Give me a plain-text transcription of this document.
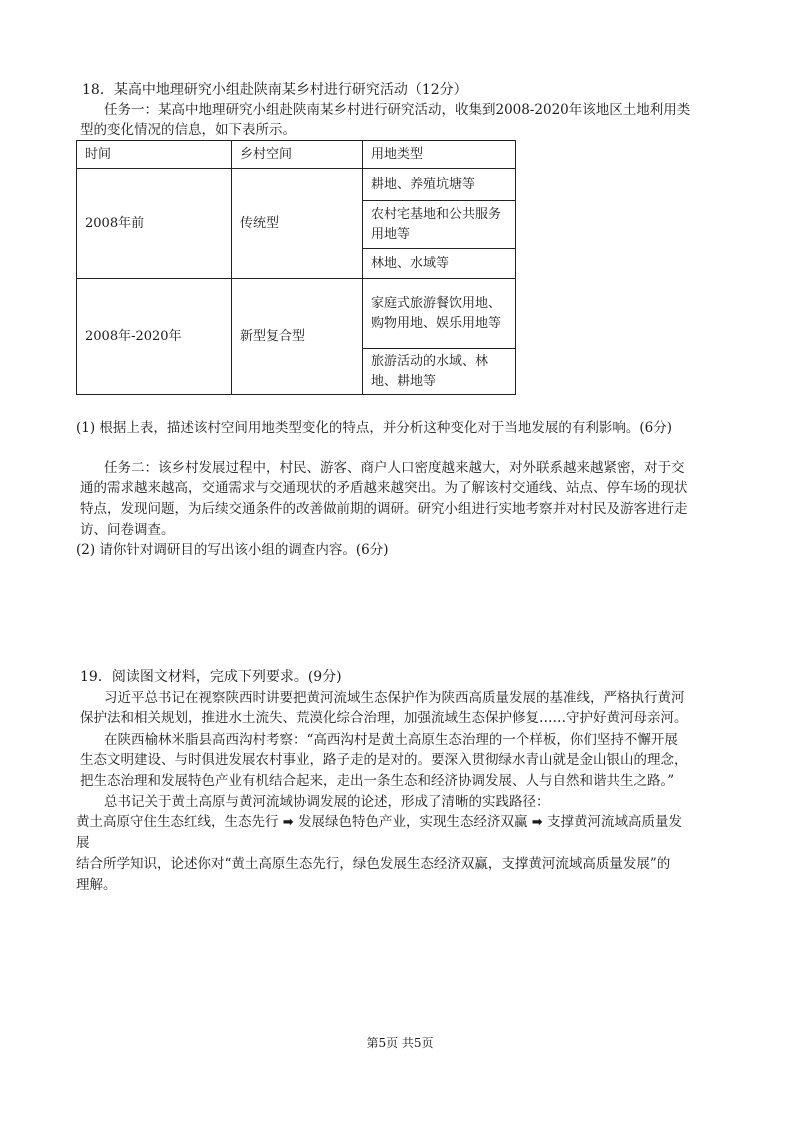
18．某高中地理研究小组赴陕南某乡村进行研究活动（12分）
任务一：某高中地理研究小组赴陕南某乡村进行研究活动，收集到2008-2020年该地区土地利用类
型的变化情况的信息，如下表所示。
时间	乡村空间	用地类型
2008年前	传统型	耕地、养殖坑塘等
		农村宅基地和公共服务用地等
		林地、水域等
2008年-2020年	新型复合型	家庭式旅游餐饮用地、购物用地、娱乐用地等
		旅游活动的水域、林地、耕地等
(1) 根据上表，描述该村空间用地类型变化的特点，并分析这种变化对于当地发展的有利影响。(6分)
任务二：该乡村发展过程中，村民、游客、商户人口密度越来越大，对外联系越来越紧密，对于交
通的需求越来越高，交通需求与交通现状的矛盾越来越突出。为了解该村交通线、站点、停车场的现状
特点，发现问题，为后续交通条件的改善做前期的调研。研究小组进行实地考察并对村民及游客进行走
访、问卷调查。
(2) 请你针对调研目的写出该小组的调查内容。(6分)
19．阅读图文材料，完成下列要求。(9分)
习近平总书记在视察陕西时讲要把黄河流域生态保护作为陕西高质量发展的基准线，严格执行黄河
保护法和相关规划，推进水土流失、荒漠化综合治理，加强流域生态保护修复……守护好黄河母亲河。
在陕西榆林米脂县高西沟村考察：“高西沟村是黄土高原生态治理的一个样板，你们坚持不懈开展
生态文明建设、与时俱进发展农村事业，路子走的是对的。要深入贯彻绿水青山就是金山银山的理念，
把生态治理和发展特色产业有机结合起来，走出一条生态和经济协调发展、人与自然和谐共生之路。”
总书记关于黄土高原与黄河流域协调发展的论述，形成了清晰的实践路径：
黄土高原守住生态红线，生态先行 ➡ 发展绿色特色产业，实现生态经济双赢 ➡ 支撑黄河流域高质量发
展
结合所学知识，论述你对“黄土高原生态先行，绿色发展生态经济双赢，支撑黄河流域高质量发展”的
理解。
第5页 共5页
